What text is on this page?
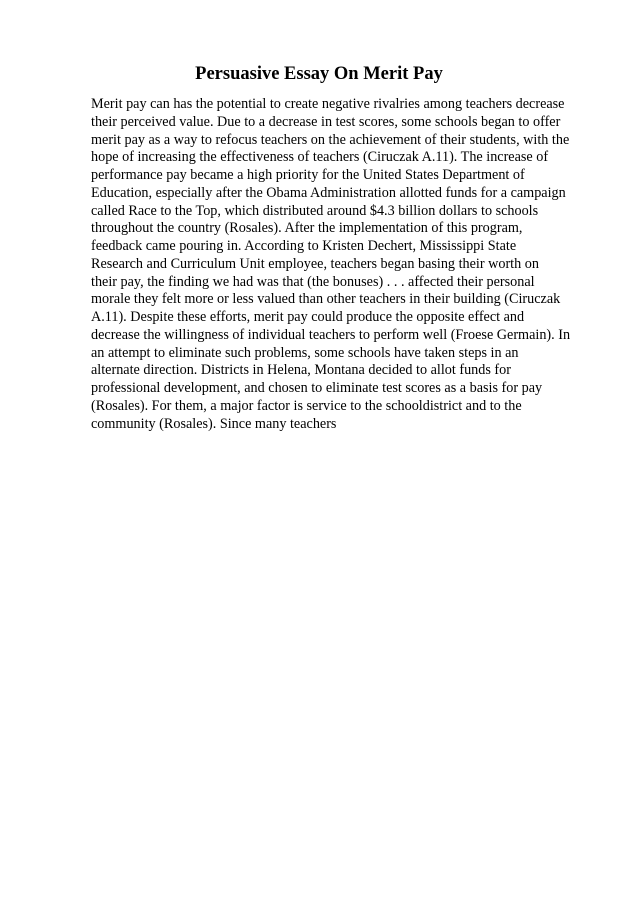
Persuasive Essay On Merit Pay
Merit pay can has the potential to create negative rivalries among teachers decrease
their perceived value. Due to a decrease in test scores, some schools began to offer
merit pay as a way to refocus teachers on the achievement of their students, with the
hope of increasing the effectiveness of teachers (Ciruczak A.11). The increase of
performance pay became a high priority for the United States Department of
Education, especially after the Obama Administration allotted funds for a campaign
called Race to the Top, which distributed around $4.3 billion dollars to schools
throughout the country (Rosales). After the implementation of this program,
feedback came pouring in. According to Kristen Dechert, Mississippi State
Research and Curriculum Unit employee, teachers began basing their worth on
their pay, the finding we had was that (the bonuses) . . . affected their personal
morale they felt more or less valued than other teachers in their building (Ciruczak
A.11). Despite these efforts, merit pay could produce the opposite effect and
decrease the willingness of individual teachers to perform well (Froese Germain). In
an attempt to eliminate such problems, some schools have taken steps in an
alternate direction. Districts in Helena, Montana decided to allot funds for
professional development, and chosen to eliminate test scores as a basis for pay
(Rosales). For them, a major factor is service to the schooldistrict and to the
community (Rosales). Since many teachers
